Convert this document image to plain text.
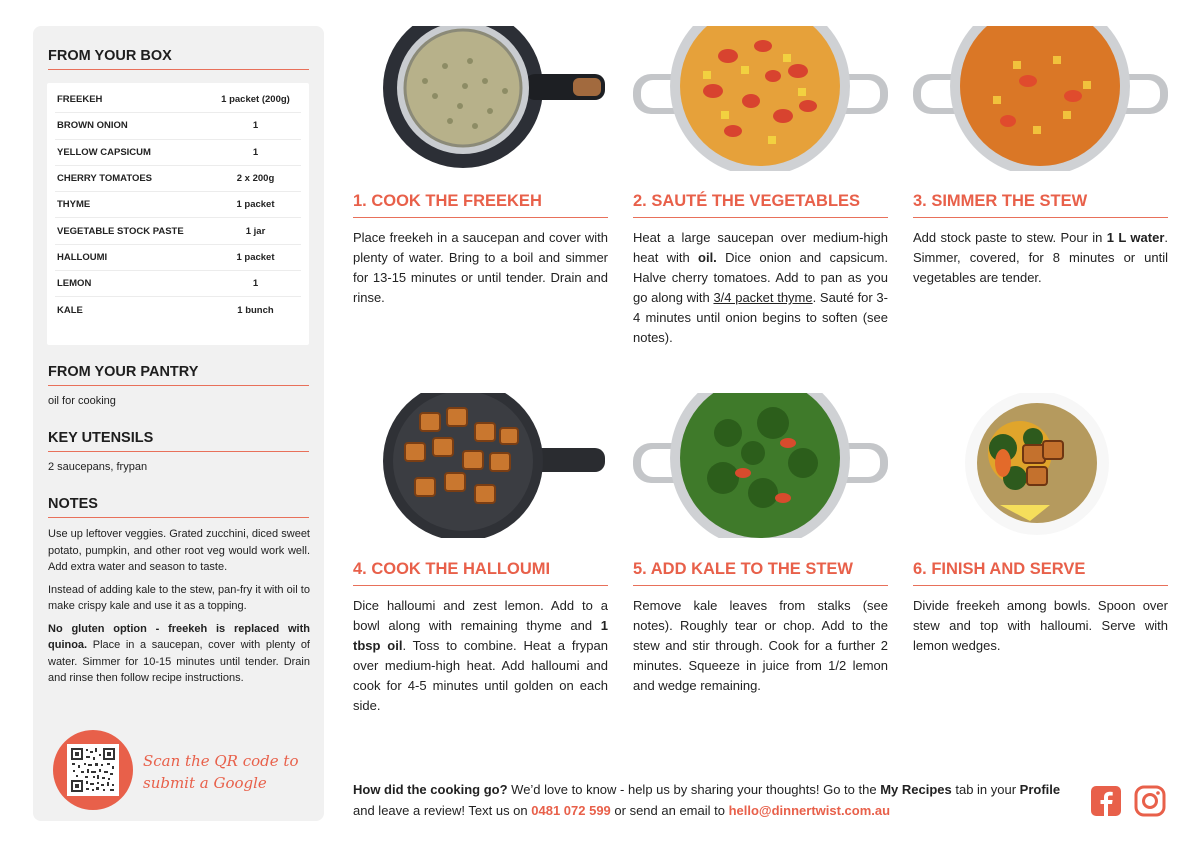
FROM YOUR BOX
FREEKEH	1 packet (200g)
BROWN ONION	1
YELLOW CAPSICUM	1
CHERRY TOMATOES	2 x 200g
THYME	1 packet
VEGETABLE STOCK PASTE	1 jar
HALLOUMI	1 packet
LEMON	1
KALE	1 bunch
FROM YOUR PANTRY
oil for cooking
KEY UTENSILS
2 saucepans, frypan
NOTES

Use up leftover veggies. Grated zucchini, diced sweet potato, pumpkin, and other root veg would work well. Add extra water and season to taste.

Instead of adding kale to the stew, pan-fry it with oil to make crispy kale and use it as a topping.

No gluten option - freekeh is replaced with quinoa. Place in a saucepan, cover with plenty of water. Simmer for 10-15 minutes until tender. Drain and rinse then follow recipe instructions.

Scan the QR code to submit a Google
1. COOK THE FREEKEH
Place freekeh in a saucepan and cover with plenty of water. Bring to a boil and simmer for 13-15 minutes or until tender. Drain and rinse.
2. SAUTÉ THE VEGETABLES
Heat a large saucepan over medium-high heat with oil. Dice onion and capsicum. Halve cherry tomatoes. Add to pan as you go along with 3/4 packet thyme. Sauté for 3-4 minutes until onion begins to soften (see notes).
3. SIMMER THE STEW
Add stock paste to stew. Pour in 1 L water. Simmer, covered, for 8 minutes or until vegetables are tender.
4. COOK THE HALLOUMI
Dice halloumi and zest lemon. Add to a bowl along with remaining thyme and 1 tbsp oil. Toss to combine. Heat a frypan over medium-high heat. Add halloumi and cook for 4-5 minutes until golden on each side.
5. ADD KALE TO THE STEW
Remove kale leaves from stalks (see notes). Roughly tear or chop. Add to the stew and stir through. Cook for a further 2 minutes. Squeeze in juice from 1/2 lemon and wedge remaining.
6. FINISH AND SERVE
Divide freekeh among bowls. Spoon over stew and top with halloumi. Serve with lemon wedges.
How did the cooking go? We’d love to know - help us by sharing your thoughts! Go to the My Recipes tab in your Profile and leave a review! Text us on 0481 072 599 or send an email to hello@dinnertwist.com.au
